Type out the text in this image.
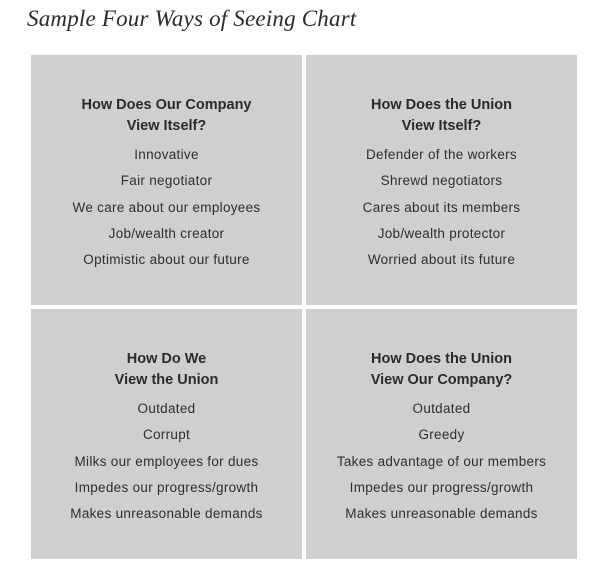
Sample Four Ways of Seeing Chart
How Does Our Company
View Itself?
Innovative
Fair negotiator
We care about our employees
Job/wealth creator
Optimistic about our future
How Does the Union
View Itself?
Defender of the workers
Shrewd negotiators
Cares about its members
Job/wealth protector
Worried about its future
How Do We
View the Union
Outdated
Corrupt
Milks our employees for dues
Impedes our progress/growth
Makes unreasonable demands
How Does the Union
View Our Company?
Outdated
Greedy
Takes advantage of our members
Impedes our progress/growth
Makes unreasonable demands
